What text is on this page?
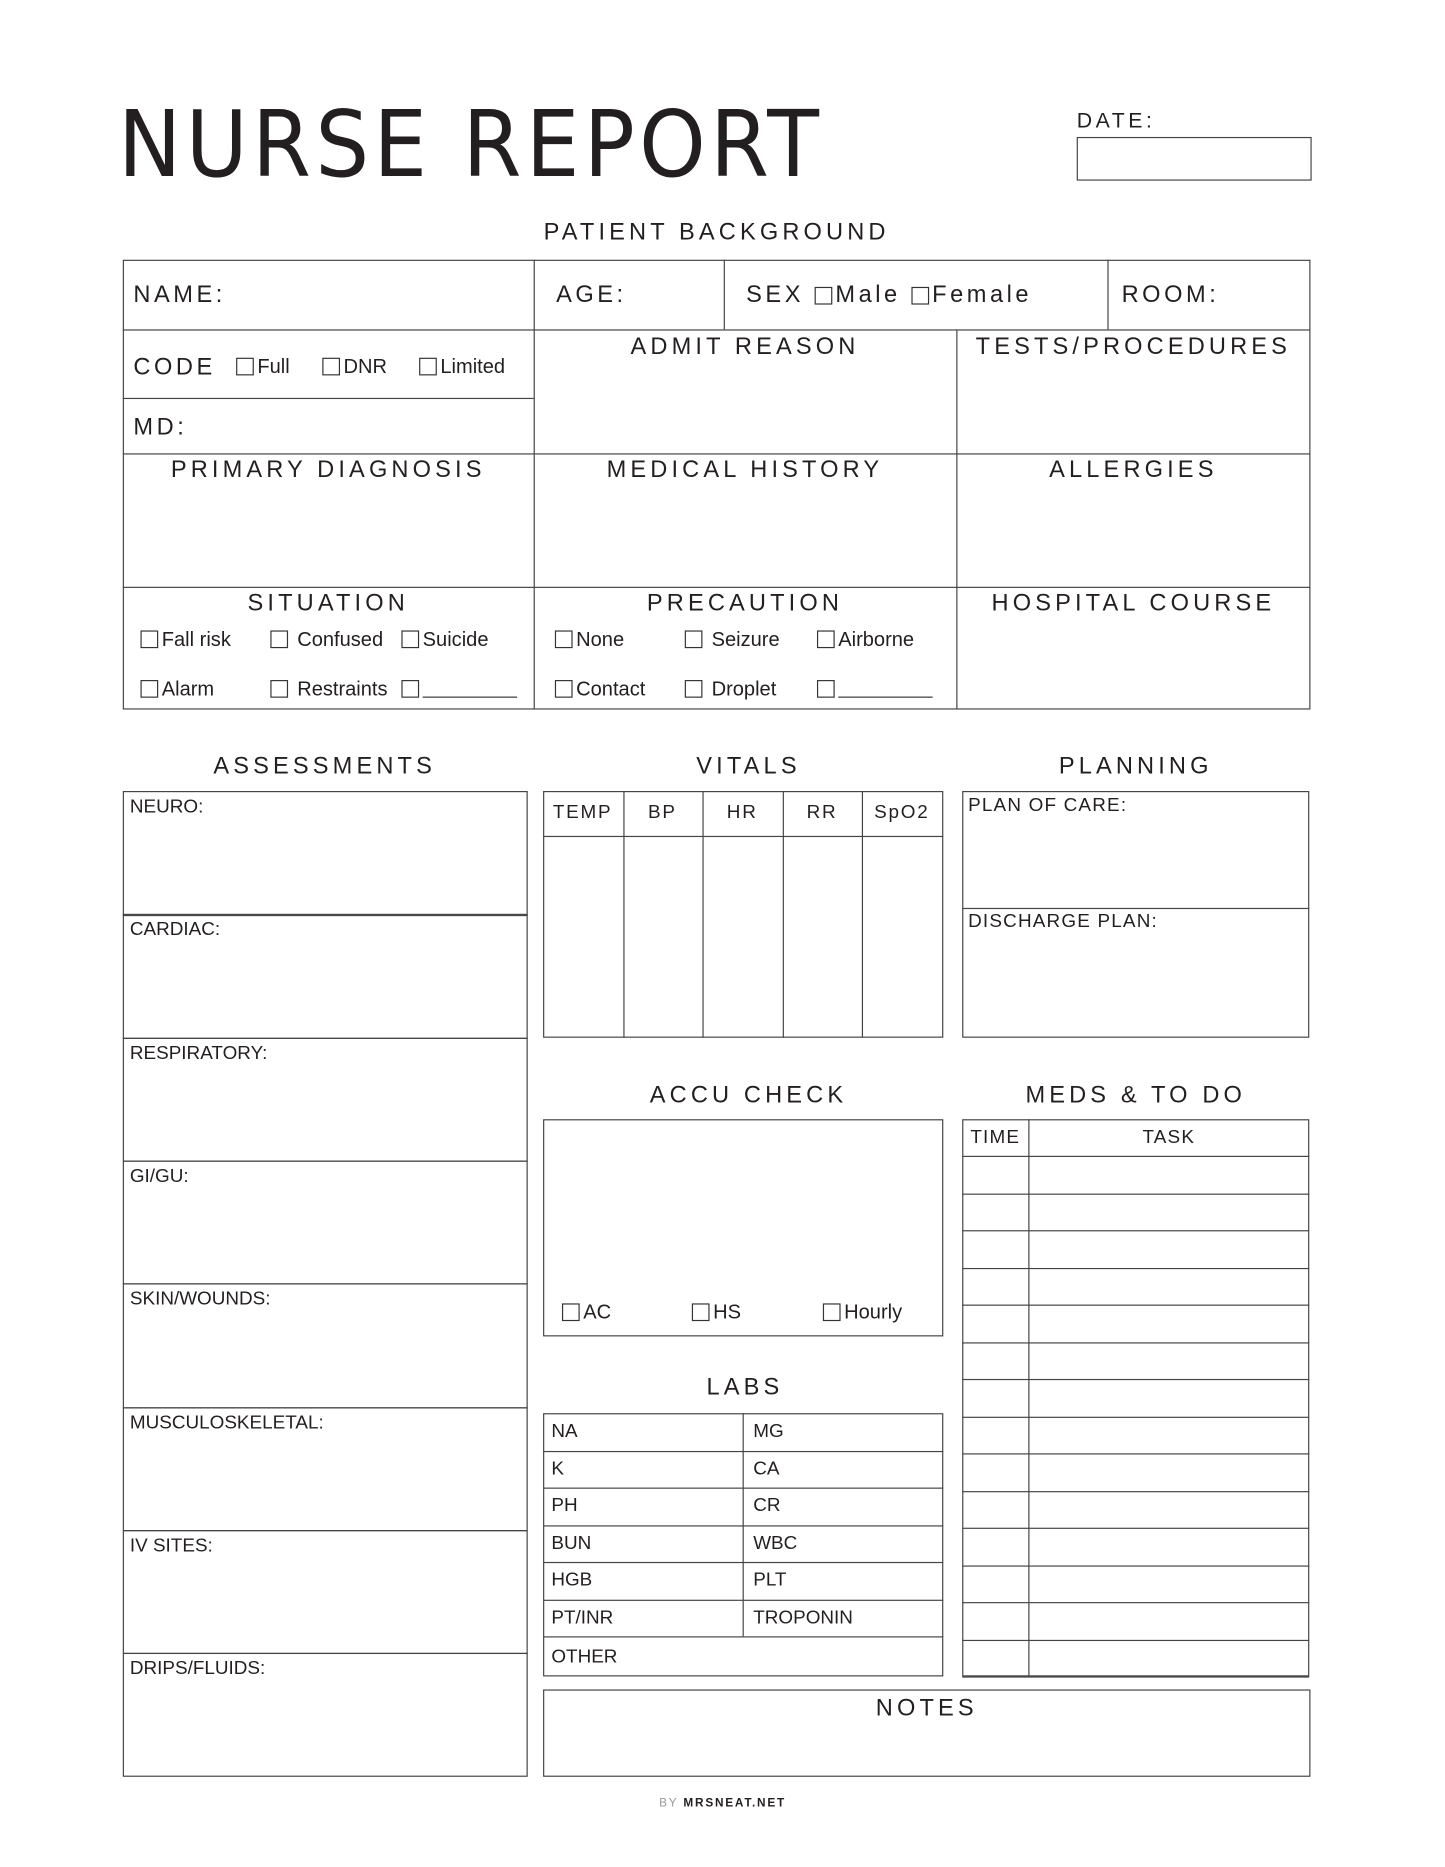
NURSE REPORT	DATE:
PATIENT BACKGROUND
NAME:	AGE:	SEX Male Female	ROOM:
CODE	Full	DNR	Limited
MD:
ADMIT REASON	TESTS/PROCEDURES
PRIMARY DIAGNOSIS	MEDICAL HISTORY	ALLERGIES
SITUATION	PRECAUTION	HOSPITAL COURSE
Fall risk	Confused	Suicide
Alarm	Restraints
None	Seizure	Airborne
Contact	Droplet
ASSESSMENTS	VITALS	PLANNING
PLAN OF CARE:
DISCHARGE PLAN:
ACCU CHECK
AC	HS	Hourly
LABS
MEDS & TO DO
TIME	TASK
NOTES
BY MRSNEAT.NET
NEURO:
CARDIAC:
RESPIRATORY:
GI/GU:
SKIN/WOUNDS:
MUSCULOSKELETAL:
IV SITES:
DRIPS/FLUIDS:
TEMP	BP	HR	RR	SpO2
NA	MG
K	CA
PH	CR
BUN	WBC
HGB	PLT
PT/INR	TROPONIN
OTHER
